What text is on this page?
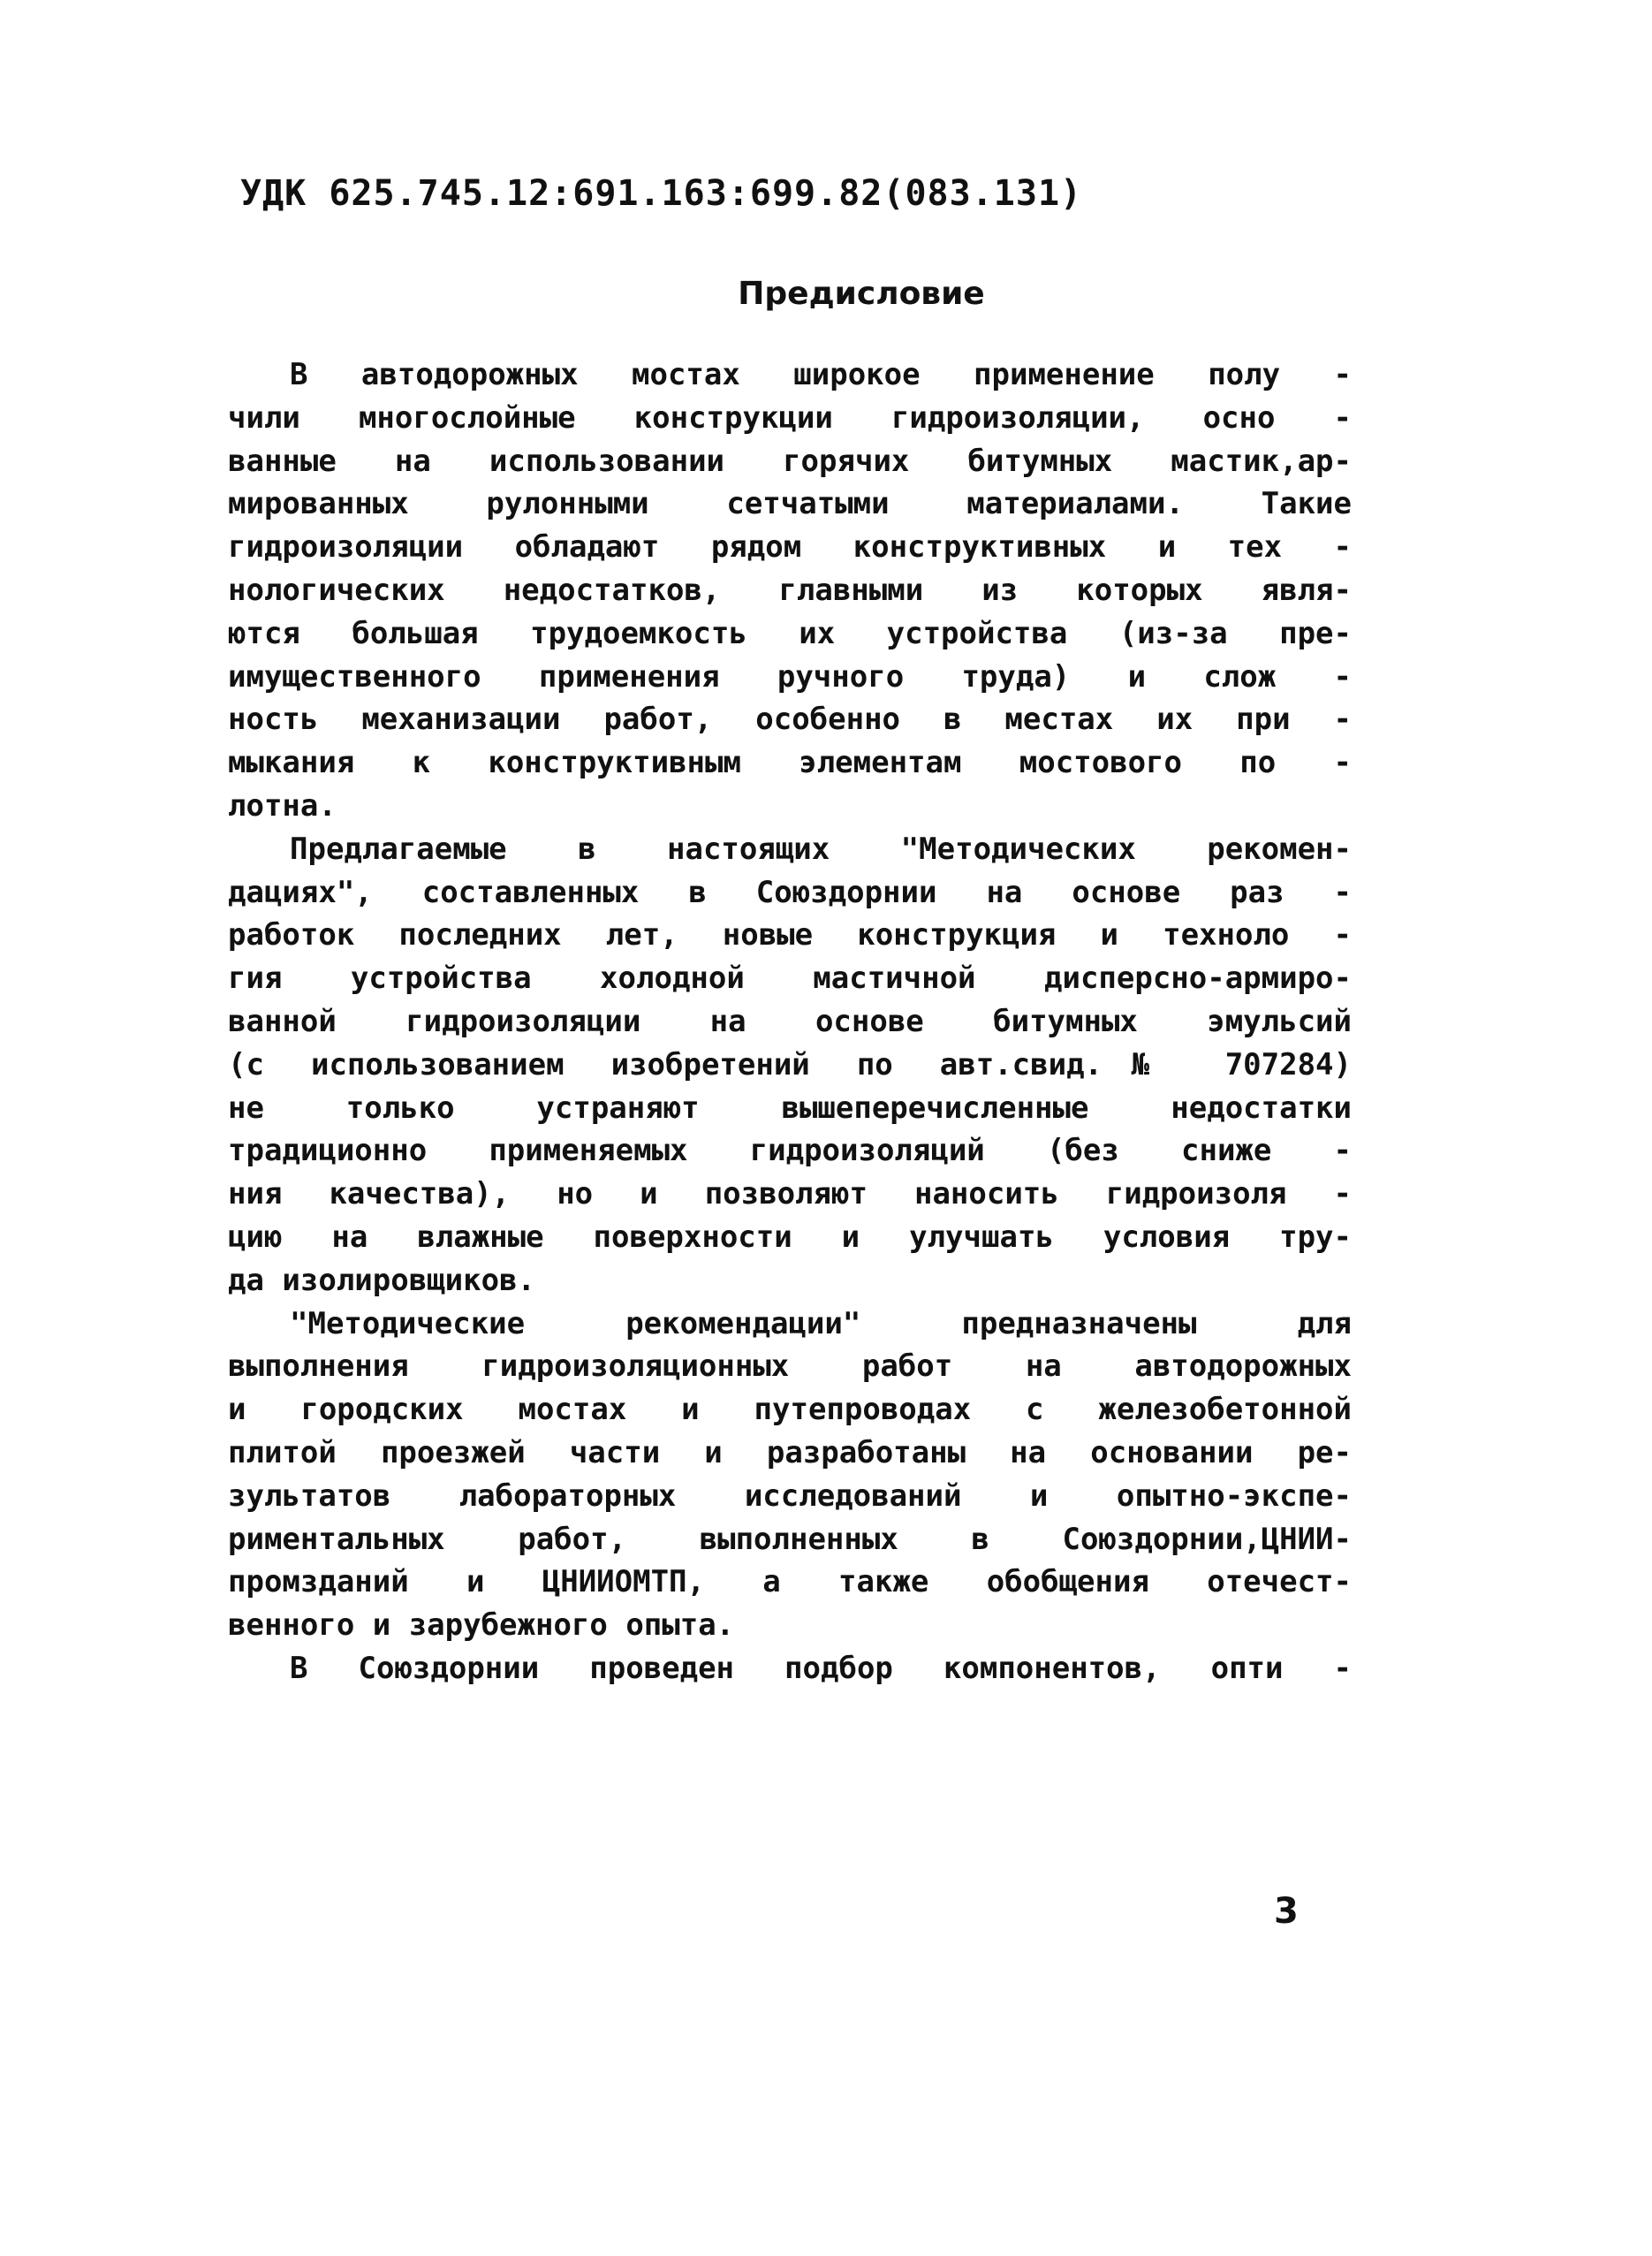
УДК 625.745.12:691.163:699.82(083.131)
Предисловие
В автодорожных мостах широкое применение полу -
чили многослойные конструкции гидроизоляции, осно -
ванные на использовании горячих битумных мастик,ар-
мированных рулонными сетчатыми материалами. Такие
гидроизоляции обладают рядом конструктивных и тех -
нологических недостатков, главными из которых явля-
ются большая трудоемкость их устройства (из-за пре-
имущественного применения ручного труда) и слож -
ность механизации работ, особенно в местах их при -
мыкания к конструктивным элементам мостового по -
лотна.
Предлагаемые в настоящих "Методических рекомен-
дациях", составленных в Союздорнии на основе раз -
работок последних лет, новые конструкция и техноло -
гия устройства холодной мастичной дисперсно-армиро-
ванной гидроизоляции на основе битумных эмульсий
(с использованием изобретений по авт.свид.№ 707284)
не только устраняют вышеперечисленные недостатки
традиционно применяемых гидроизоляций (без сниже -
ния качества), но и позволяют наносить гидроизоля -
цию на влажные поверхности и улучшать условия тру-
да изолировщиков.
"Методические рекомендации" предназначены для
выполнения гидроизоляционных работ на автодорожных
и городских мостах и путепроводах с железобетонной
плитой проезжей части и разработаны на основании ре-
зультатов лабораторных исследований и опытно-экспе-
риментальных работ, выполненных в Союздорнии,ЦНИИ-
промзданий и ЦНИИОМТП, а также обобщения отечест-
венного и зарубежного опыта.
В Союздорнии проведен подбор компонентов, опти -
3
